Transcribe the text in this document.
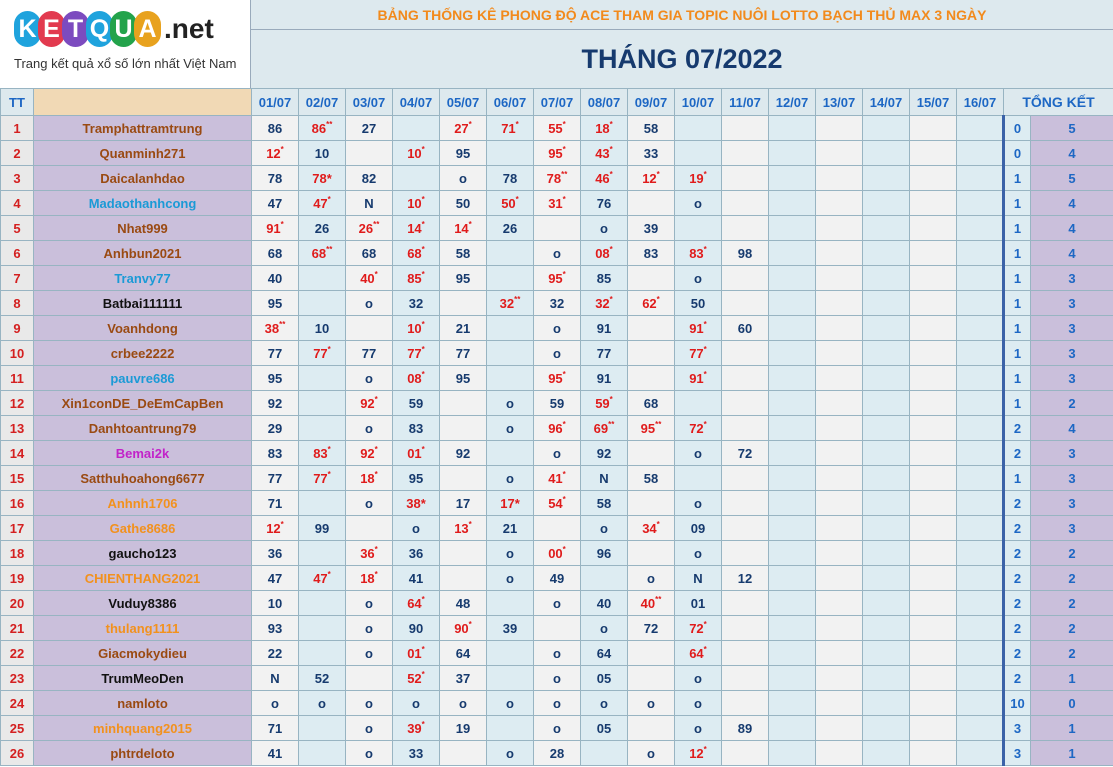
K E T Q U A .net
Trang kết quả xổ số lớn nhất Việt Nam
BẢNG THỐNG KÊ PHONG ĐỘ ACE THAM GIA TOPIC NUÔI LOTTO BẠCH THỦ MAX 3 NGÀY
THÁNG 07/2022
TT		01/07	02/07	03/07	04/07	05/07	06/07	07/07	08/07	09/07	10/07	11/07	12/07	13/07	14/07	15/07	16/07	TỔNG KẾT	
1	Tramphattramtrung	86	86**	27		27*	71*	55*	18*	58								0	5
2	Quanminh271	12*	10		10*	95		95*	43*	33								0	4
3	Daicalanhdao	78	78*	82		o	78	78**	46*	12*	19*							1	5
4	Madaothanhcong	47	47*	N	10*	50	50*	31*	76		o							1	4
5	Nhat999	91*	26	26**	14*	14*	26		o	39								1	4
6	Anhbun2021	68	68**	68	68*	58		o	08*	83	83*	98						1	4
7	Tranvy77	40		40*	85*	95		95*	85		o							1	3
8	Batbai111111	95		o	32		32**	32	32*	62*	50							1	3
9	Voanhdong	38**	10		10*	21		o	91		91*	60						1	3
10	crbee2222	77	77*	77	77*	77		o	77		77*							1	3
11	pauvre686	95		o	08*	95		95*	91		91*							1	3
12	Xin1conDE_DeEmCapBen	92		92*	59		o	59	59*	68								1	2
13	Danhtoantrung79	29		o	83		o	96*	69**	95**	72*							2	4
14	Bemai2k	83	83*	92*	01*	92		o	92		o	72						2	3
15	Satthuhoahong6677	77	77*	18*	95		o	41*	N	58								1	3
16	Anhnh1706	71		o	38*	17	17*	54*	58		o							2	3
17	Gathe8686	12*	99		o	13*	21		o	34*	09							2	3
18	gaucho123	36		36*	36		o	00*	96		o							2	2
19	CHIENTHANG2021	47	47*	18*	41		o	49		o	N	12						2	2
20	Vuduy8386	10		o	64*	48		o	40	40**	01							2	2
21	thulang1111	93		o	90	90*	39		o	72	72*							2	2
22	Giacmokydieu	22		o	01*	64		o	64		64*							2	2
23	TrumMeoDen	N	52		52*	37		o	05		o							2	1
24	namloto	o	o	o	o	o	o	o	o	o	o							10	0
25	minhquang2015	71		o	39*	19		o	05		o	89						3	1
26	phtrdeloto	41		o	33		o	28		o	12*							3	1
